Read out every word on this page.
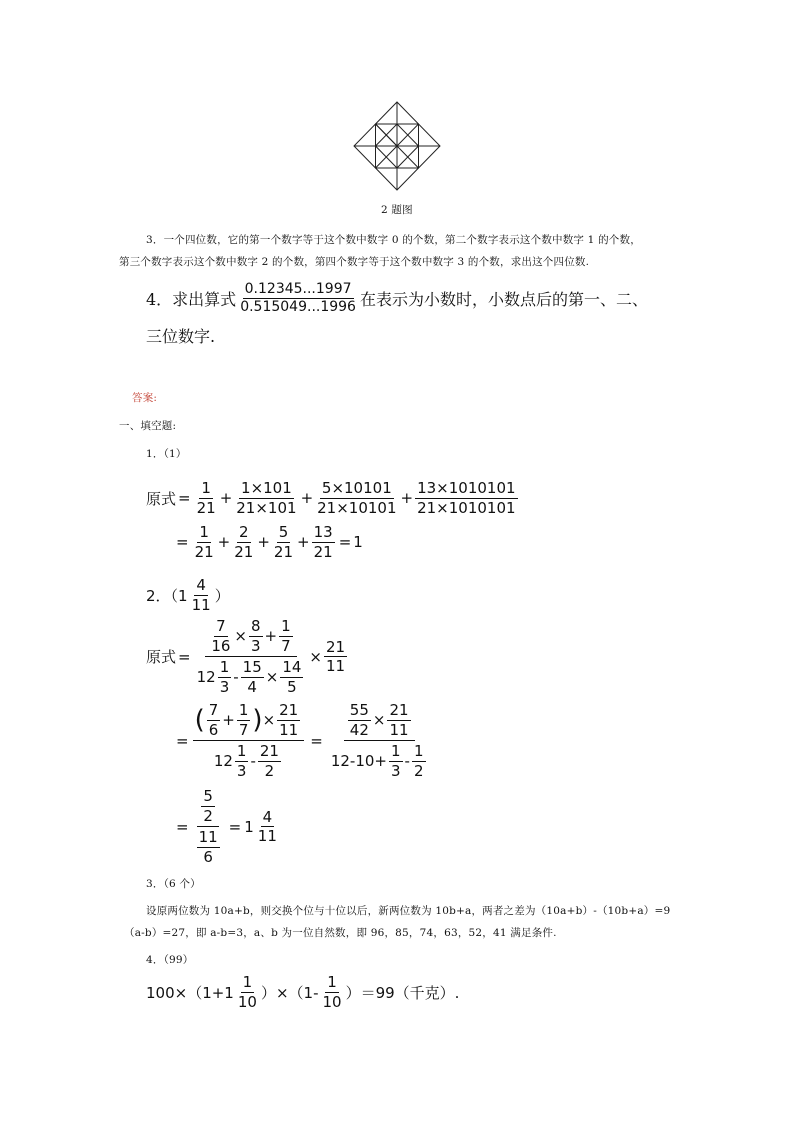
2 题图
3．一个四位数，它的第一个数字等于这个数中数字 0 的个数，第二个数字表示这个数中数字 1 的个数，
第三个数字表示这个数中数字 2 的个数，第四个数字等于这个数中数字 3 的个数，求出这个四位数.
4．求出算式 $\frac{0.12345...1997}{0.515049...1996}$ 在表示为小数时，小数点后的第一、二、
三位数字.
答案:
一、填空题:
1．（1）
原式 = $\frac{1}{21} + \frac{1\times 101}{21\times 101} + \frac{5\times 10101}{21\times 10101} + \frac{13\times 1010101}{21\times 1010101}$
= $\frac{1}{21} + \frac{2}{21} + \frac{5}{21} + \frac{13}{21} = 1$
2．（$1 \frac{4}{11}$ ）
原式 = $\frac{\frac{7}{16} \times \frac{8}{3} + \frac{1}{7}}{12 \frac{1}{3} - \frac{15}{4} \times \frac{14}{5}} \times \frac{21}{11}$
= $\frac{( \frac{7}{6} + \frac{1}{7} ) \times \frac{21}{11}}{12 \frac{1}{3} - \frac{21}{2}} = \frac{\frac{55}{42} \times \frac{21}{11}}{12 - 10 + \frac{1}{3} - \frac{1}{2}}$
= $\frac{\frac{5}{2}}{\frac{11}{6}} = 1 \frac{4}{11}$
3．（6 个）
设原两位数为 10a+b，则交换个位与十位以后，新两位数为 10b+a，两者之差为（10a+b）-（10b+a）=9
（a-b）=27，即 a-b=3，a、b 为一位自然数，即 96，85，74，63，52，41 满足条件.
4．（99）
$100\times(1+1 \frac{1}{10} )\times(1- \frac{1}{10} )=99$（千克）.
